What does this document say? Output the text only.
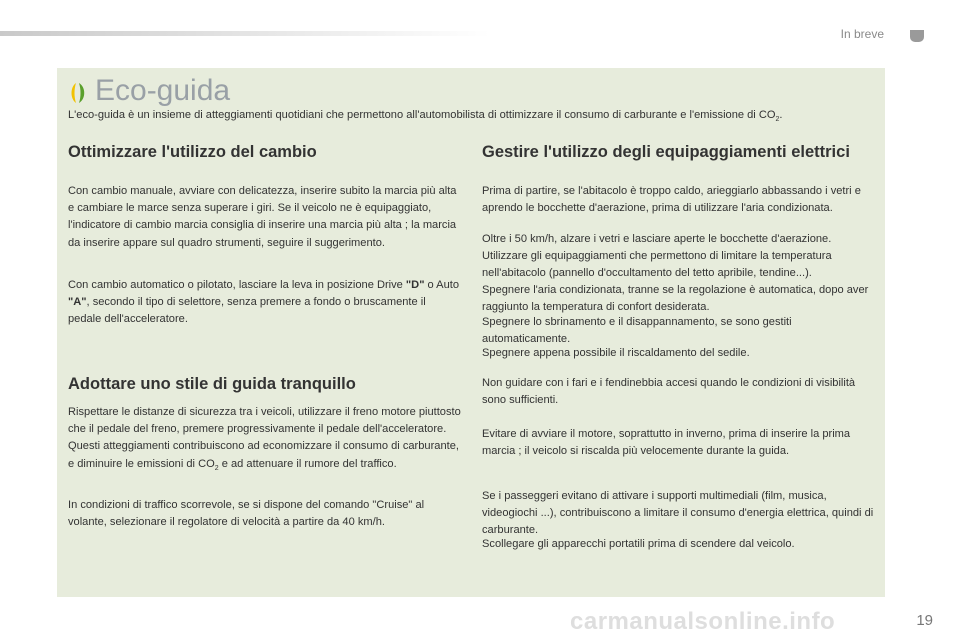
In breve
Eco-guida

L'eco-guida è un insieme di atteggiamenti quotidiani che permettono all'automobilista di ottimizzare il consumo di carburante e l'emissione di $CO_2$.

Ottimizzare l'utilizzo del cambio

Con cambio manuale, avviare con delicatezza, inserire subito la marcia più alta e cambiare le marce senza superare i giri. Se il veicolo ne è equipaggiato, l'indicatore di cambio marcia consiglia di inserire una marcia più alta ; la marcia da inserire appare sul quadro strumenti, seguire il suggerimento.

Con cambio automatico o pilotato, lasciare la leva in posizione Drive "D" o Auto "A", secondo il tipo di selettore, senza premere a fondo o bruscamente il pedale dell'acceleratore.

Adottare uno stile di guida tranquillo

Rispettare le distanze di sicurezza tra i veicoli, utilizzare il freno motore piuttosto che il pedale del freno, premere progressivamente il pedale dell'acceleratore. Questi atteggiamenti contribuiscono ad economizzare il consumo di carburante, e diminuire le emissioni di $CO_2$ e ad attenuare il rumore del traffico.

In condizioni di traffico scorrevole, se si dispone del comando "Cruise" al volante, selezionare il regolatore di velocità a partire da 40 km/h.

Gestire l'utilizzo degli equipaggiamenti elettrici

Prima di partire, se l'abitacolo è troppo caldo, arieggiarlo abbassando i vetri e aprendo le bocchette d'aerazione, prima di utilizzare l'aria condizionata.

Oltre i 50 km/h, alzare i vetri e lasciare aperte le bocchette d'aerazione.

Utilizzare gli equipaggiamenti che permettono di limitare la temperatura nell'abitacolo (pannello d'occultamento del tetto apribile, tendine...).

Spegnere l'aria condizionata, tranne se la regolazione è automatica, dopo aver raggiunto la temperatura di confort desiderata.

Spegnere lo sbrinamento e il disappannamento, se sono gestiti automaticamente.

Spegnere appena possibile il riscaldamento del sedile.

Non guidare con i fari e i fendinebbia accesi quando le condizioni di visibilità sono sufficienti.

Evitare di avviare il motore, soprattutto in inverno, prima di inserire la prima marcia ; il veicolo si riscalda più velocemente durante la guida.

Se i passeggeri evitano di attivare i supporti multimediali (film, musica, videogiochi ...), contribuiscono a limitare il consumo d'energia elettrica, quindi di carburante.

Scollegare gli apparecchi portatili prima di scendere dal veicolo.

carmanualsonline.info	19
